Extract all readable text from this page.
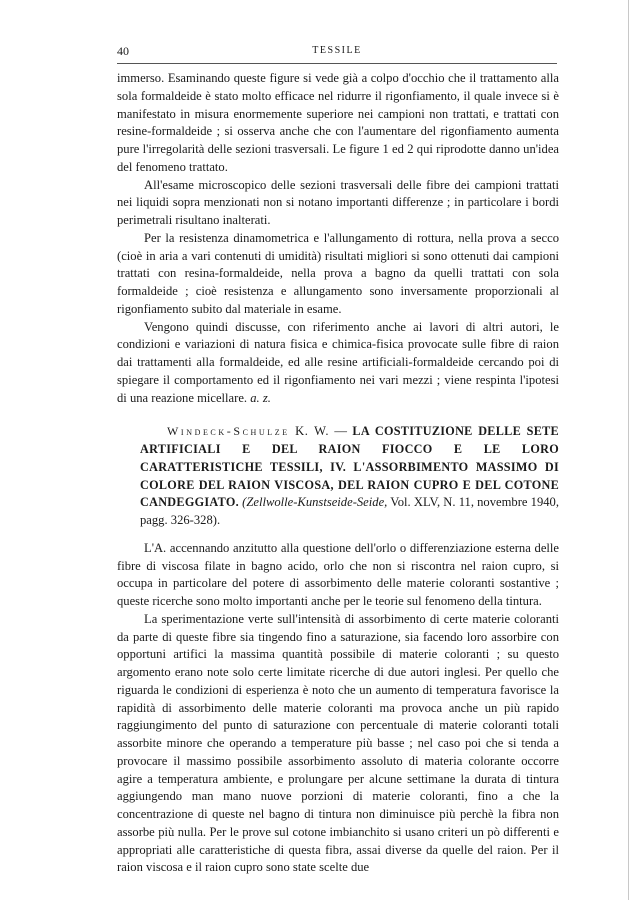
40	TESSILE

immerso. Esaminando queste figure si vede già a colpo d'occhio che il trattamento alla sola formaldeide è stato molto efficace nel ridurre il rigonfiamento, il quale invece si è manifestato in misura enormemente superiore nei campioni non trattati, e trattati con resine-formaldeide ; si osserva anche che con l'aumentare del rigonfiamento aumenta pure l'irregolarità delle sezioni trasversali. Le figure 1 ed 2 qui riprodotte danno un'idea del fenomeno trattato.

All'esame microscopico delle sezioni trasversali delle fibre dei campioni trattati nei liquidi sopra menzionati non si notano importanti differenze ; in particolare i bordi perimetrali risultano inalterati.

Per la resistenza dinamometrica e l'allungamento di rottura, nella prova a secco (cioè in aria a vari contenuti di umidità) risultati migliori si sono ottenuti dai campioni trattati con resina-formaldeide, nella prova a bagno da quelli trattati con sola formaldeide ; cioè resistenza e allungamento sono inversamente proporzionali al rigonfiamento subito dal materiale in esame.

Vengono quindi discusse, con riferimento anche ai lavori di altri autori, le condizioni e variazioni di natura fisica e chimica-fisica provocate sulle fibre di raion dai trattamenti alla formaldeide, ed alle resine artificiali-formaldeide cercando poi di spiegare il comportamento ed il rigonfiamento nei vari mezzi ; viene respinta l'ipotesi di una reazione micellare. a. z.

Windeck-Schulze K. W. — LA COSTITUZIONE DELLE SETE ARTIFICIALI E DEL RAION FIOCCO E LE LORO CARATTERISTICHE TESSILI, IV. L'ASSORBIMENTO MASSIMO DI COLORE DEL RAION VISCOSA, DEL RAION CUPRO E DEL COTONE CANDEGGIATO. (Zellwolle-Kunstseide-Seide, Vol. XLV, N. 11, novembre 1940, pagg. 326-328).

L'A. accennando anzitutto alla questione dell'orlo o differenziazione esterna delle fibre di viscosa filate in bagno acido, orlo che non si riscontra nel raion cupro, si occupa in particolare del potere di assorbimento delle materie coloranti sostantive ; queste ricerche sono molto importanti anche per le teorie sul fenomeno della tintura.

La sperimentazione verte sull'intensità di assorbimento di certe materie coloranti da parte di queste fibre sia tingendo fino a saturazione, sia facendo loro assorbire con opportuni artifici la massima quantità possibile di materie coloranti ; su questo argomento erano note solo certe limitate ricerche di due autori inglesi. Per quello che riguarda le condizioni di esperienza è noto che un aumento di temperatura favorisce la rapidità di assorbimento delle materie coloranti ma provoca anche un più rapido raggiungimento del punto di saturazione con percentuale di materie coloranti totali assorbite minore che operando a temperature più basse ; nel caso poi che si tenda a provocare il massimo possibile assorbimento assoluto di materia colorante occorre agire a temperatura ambiente, e prolungare per alcune settimane la durata di tintura aggiungendo man mano nuove porzioni di materie coloranti, fino a che la concentrazione di queste nel bagno di tintura non diminuisce più perchè la fibra non assorbe più nulla. Per le prove sul cotone imbianchito si usano criteri un pò differenti e appropriati alle caratteristiche di questa fibra, assai diverse da quelle del raion. Per il raion viscosa e il raion cupro sono state scelte due
